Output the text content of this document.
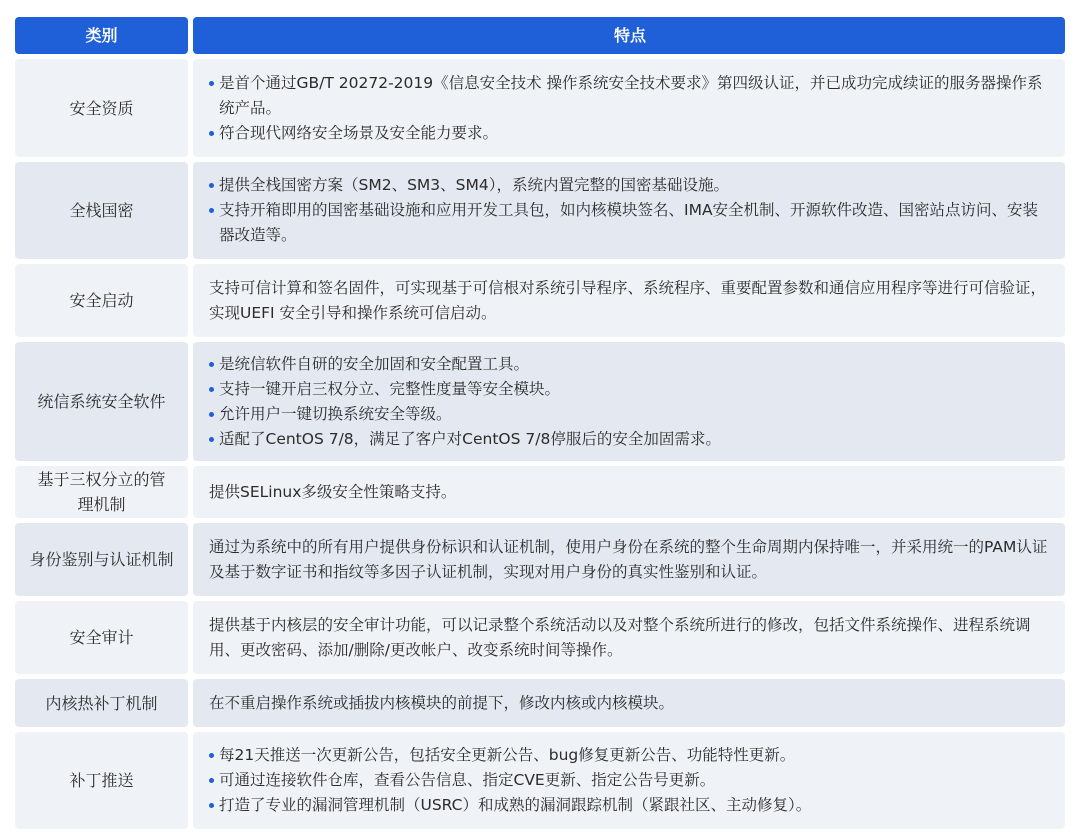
类别	特点
安全资质
是首个通过GB/T 20272-2019《信息安全技术 操作系统安全技术要求》第四级认证，并已成功完成续证的服务器操作系统产品。
符合现代网络安全场景及安全能力要求。
全栈国密
提供全栈国密方案（SM2、SM3、SM4），系统内置完整的国密基础设施。
支持开箱即用的国密基础设施和应用开发工具包，如内核模块签名、IMA安全机制、开源软件改造、国密站点访问、安装器改造等。
安全启动
支持可信计算和签名固件，可实现基于可信根对系统引导程序、系统程序、重要配置参数和通信应用程序等进行可信验证，实现UEFI 安全引导和操作系统可信启动。
统信系统安全软件
是统信软件自研的安全加固和安全配置工具。
支持一键开启三权分立、完整性度量等安全模块。
允许用户一键切换系统安全等级。
适配了CentOS 7/8，满足了客户对CentOS 7/8停服后的安全加固需求。
基于三权分立的管理机制
提供SELinux多级安全性策略支持。
身份鉴别与认证机制
通过为系统中的所有用户提供身份标识和认证机制，使用户身份在系统的整个生命周期内保持唯一，并采用统一的PAM认证及基于数字证书和指纹等多因子认证机制，实现对用户身份的真实性鉴别和认证。
安全审计
提供基于内核层的安全审计功能，可以记录整个系统活动以及对整个系统所进行的修改，包括文件系统操作、进程系统调用、更改密码、添加/删除/更改帐户、改变系统时间等操作。
内核热补丁机制	在不重启操作系统或插拔内核模块的前提下，修改内核或内核模块。
补丁推送
每21天推送一次更新公告，包括安全更新公告、bug修复更新公告、功能特性更新。
可通过连接软件仓库，查看公告信息、指定CVE更新、指定公告号更新。
打造了专业的漏洞管理机制（USRC）和成熟的漏洞跟踪机制（紧跟社区、主动修复）。
